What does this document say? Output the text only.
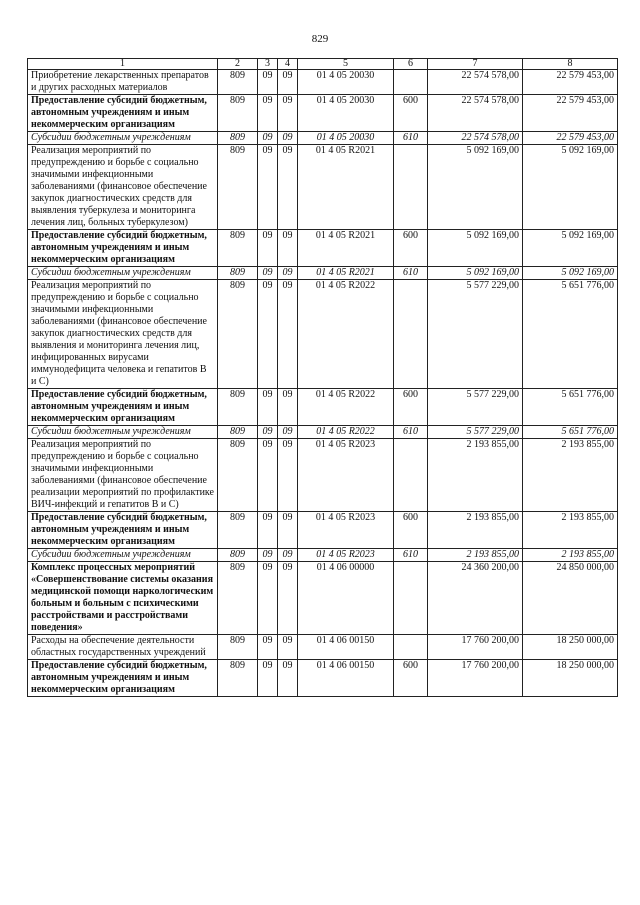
829
1	2	3	4	5	6	7	8
Приобретение лекарственных препаратов и других расходных материалов	809	09	09	01 4 05 20030		22 574 578,00	22 579 453,00
Предоставление субсидий бюджетным, автономным учреждениям и иным некоммерческим организациям	809	09	09	01 4 05 20030	600	22 574 578,00	22 579 453,00
Субсидии бюджетным учреждениям	809	09	09	01 4 05 20030	610	22 574 578,00	22 579 453,00
Реализация мероприятий по предупреждению и борьбе с социально значимыми инфекционными заболеваниями (финансовое обеспечение закупок диагностических средств для выявления туберкулеза и мониторинга лечения лиц, больных туберкулезом)	809	09	09	01 4 05 R2021		5 092 169,00	5 092 169,00
Предоставление субсидий бюджетным, автономным учреждениям и иным некоммерческим организациям	809	09	09	01 4 05 R2021	600	5 092 169,00	5 092 169,00
Субсидии бюджетным учреждениям	809	09	09	01 4 05 R2021	610	5 092 169,00	5 092 169,00
Реализация мероприятий по предупреждению и борьбе с социально значимыми инфекционными заболеваниями (финансовое обеспечение закупок диагностических средств для выявления и мониторинга лечения лиц, инфицированных вирусами иммунодефицита человека и гепатитов В и С)	809	09	09	01 4 05 R2022		5 577 229,00	5 651 776,00
Предоставление субсидий бюджетным, автономным учреждениям и иным некоммерческим организациям	809	09	09	01 4 05 R2022	600	5 577 229,00	5 651 776,00
Субсидии бюджетным учреждениям	809	09	09	01 4 05 R2022	610	5 577 229,00	5 651 776,00
Реализация мероприятий по предупреждению и борьбе с социально значимыми инфекционными заболеваниями (финансовое обеспечение реализации мероприятий по профилактике ВИЧ-инфекций и гепатитов В и С)	809	09	09	01 4 05 R2023		2 193 855,00	2 193 855,00
Предоставление субсидий бюджетным, автономным учреждениям и иным некоммерческим организациям	809	09	09	01 4 05 R2023	600	2 193 855,00	2 193 855,00
Субсидии бюджетным учреждениям	809	09	09	01 4 05 R2023	610	2 193 855,00	2 193 855,00
Комплекс процессных мероприятий «Совершенствование системы оказания медицинской помощи наркологическим больным и больным с психическими расстройствами и расстройствами поведения»	809	09	09	01 4 06 00000		24 360 200,00	24 850 000,00
Расходы на обеспечение деятельности областных государственных учреждений	809	09	09	01 4 06 00150		17 760 200,00	18 250 000,00
Предоставление субсидий бюджетным, автономным учреждениям и иным некоммерческим организациям	809	09	09	01 4 06 00150	600	17 760 200,00	18 250 000,00
